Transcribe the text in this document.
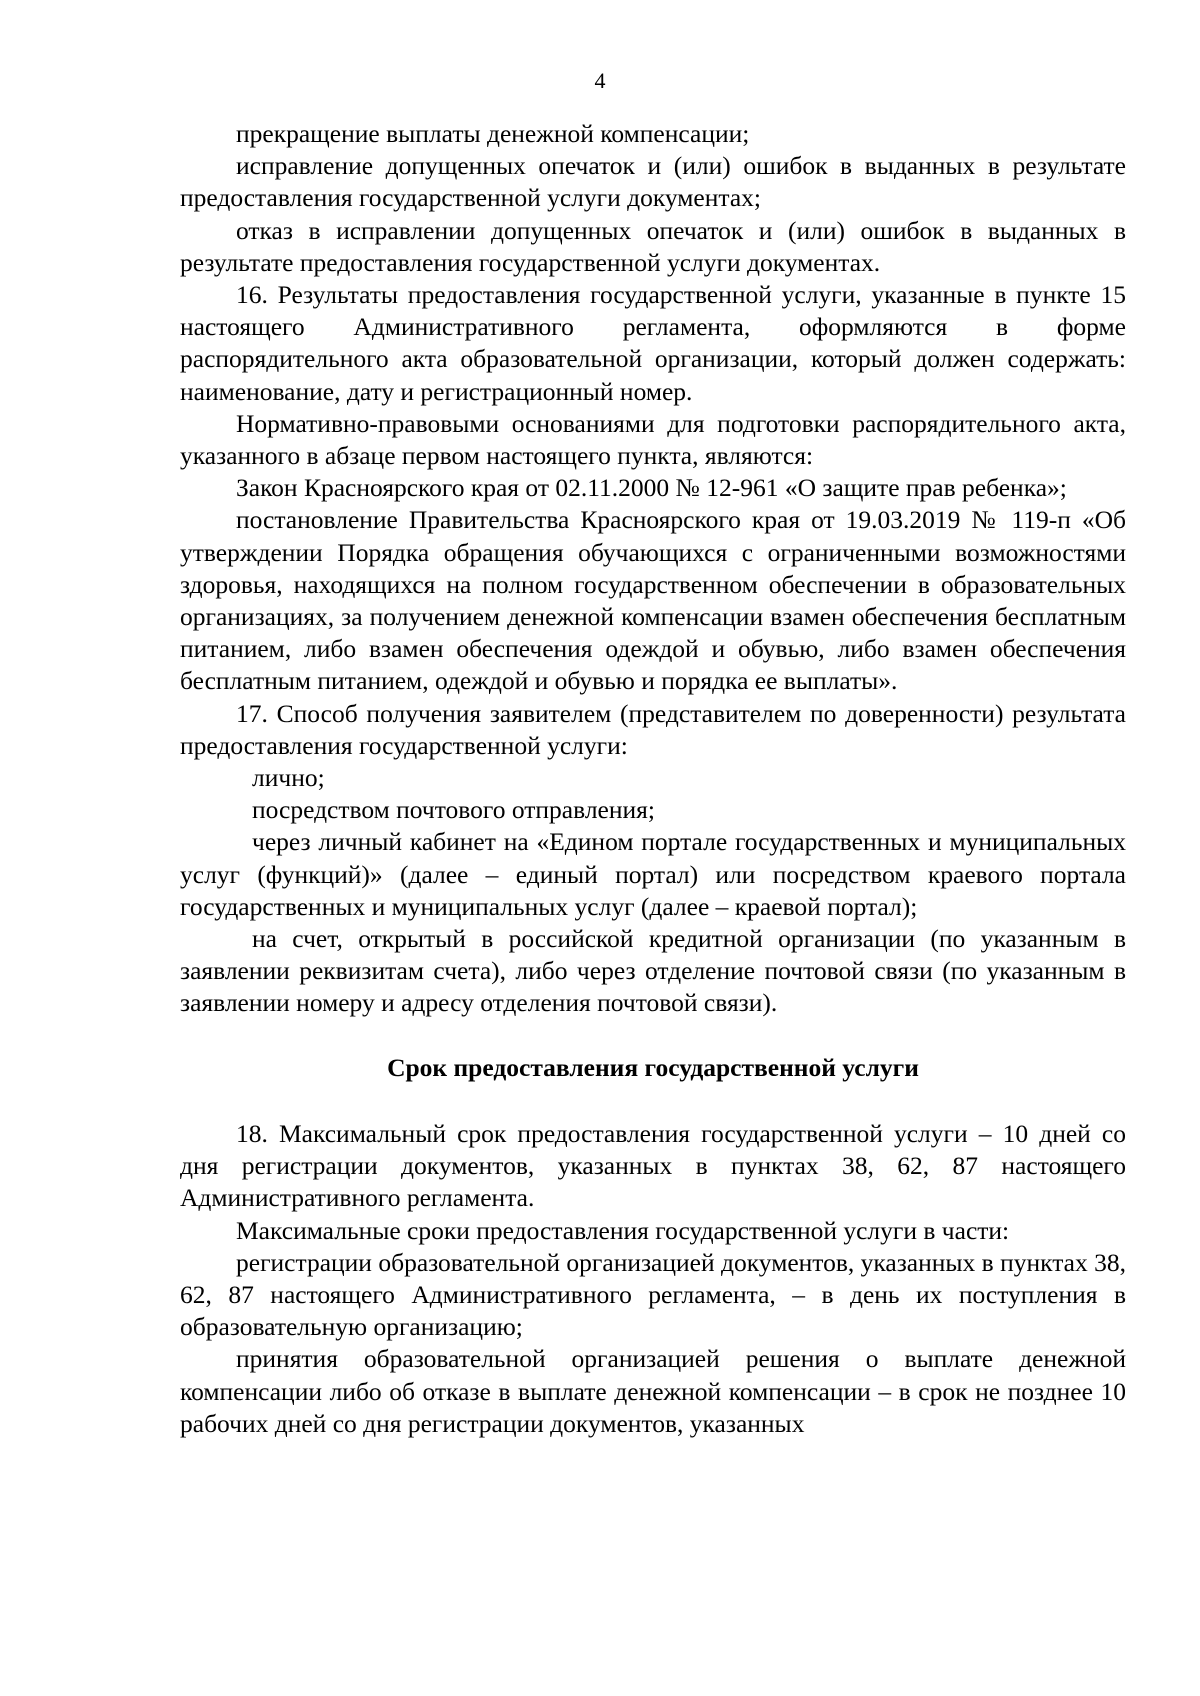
4

прекращение выплаты денежной компенсации;

исправление допущенных опечаток и (или) ошибок в выданных в результате предоставления государственной услуги документах;

отказ в исправлении допущенных опечаток и (или) ошибок в выданных в результате предоставления государственной услуги документах.

16. Результаты предоставления государственной услуги, указанные в пункте 15 настоящего Административного регламента, оформляются в форме распорядительного акта образовательной организации, который должен содержать: наименование, дату и регистрационный номер.

Нормативно-правовыми основаниями для подготовки распорядительного акта, указанного в абзаце первом настоящего пункта, являются:

Закон Красноярского края от 02.11.2000 № 12-961 «О защите прав ребенка»;

постановление Правительства Красноярского края от 19.03.2019 № 119-п «Об утверждении Порядка обращения обучающихся с ограниченными возможностями здоровья, находящихся на полном государственном обеспечении в образовательных организациях, за получением денежной компенсации взамен обеспечения бесплатным питанием, либо взамен обеспечения одеждой и обувью, либо взамен обеспечения бесплатным питанием, одеждой и обувью и порядка ее выплаты».

17. Способ получения заявителем (представителем по доверенности) результата предоставления государственной услуги:

лично;

посредством почтового отправления;

через личный кабинет на «Едином портале государственных и муниципальных услуг (функций)» (далее – единый портал) или посредством краевого портала государственных и муниципальных услуг (далее – краевой портал);

на счет, открытый в российской кредитной организации (по указанным в заявлении реквизитам счета), либо через отделение почтовой связи (по указанным в заявлении номеру и адресу отделения почтовой связи).

Срок предоставления государственной услуги

18. Максимальный срок предоставления государственной услуги – 10 дней со дня регистрации документов, указанных в пунктах 38, 62, 87 настоящего Административного регламента.

Максимальные сроки предоставления государственной услуги в части:

регистрации образовательной организацией документов, указанных в пунктах 38, 62, 87 настоящего Административного регламента, – в день их поступления в образовательную организацию;

принятия образовательной организацией решения о выплате денежной компенсации либо об отказе в выплате денежной компенсации – в срок не позднее 10 рабочих дней со дня регистрации документов, указанных
